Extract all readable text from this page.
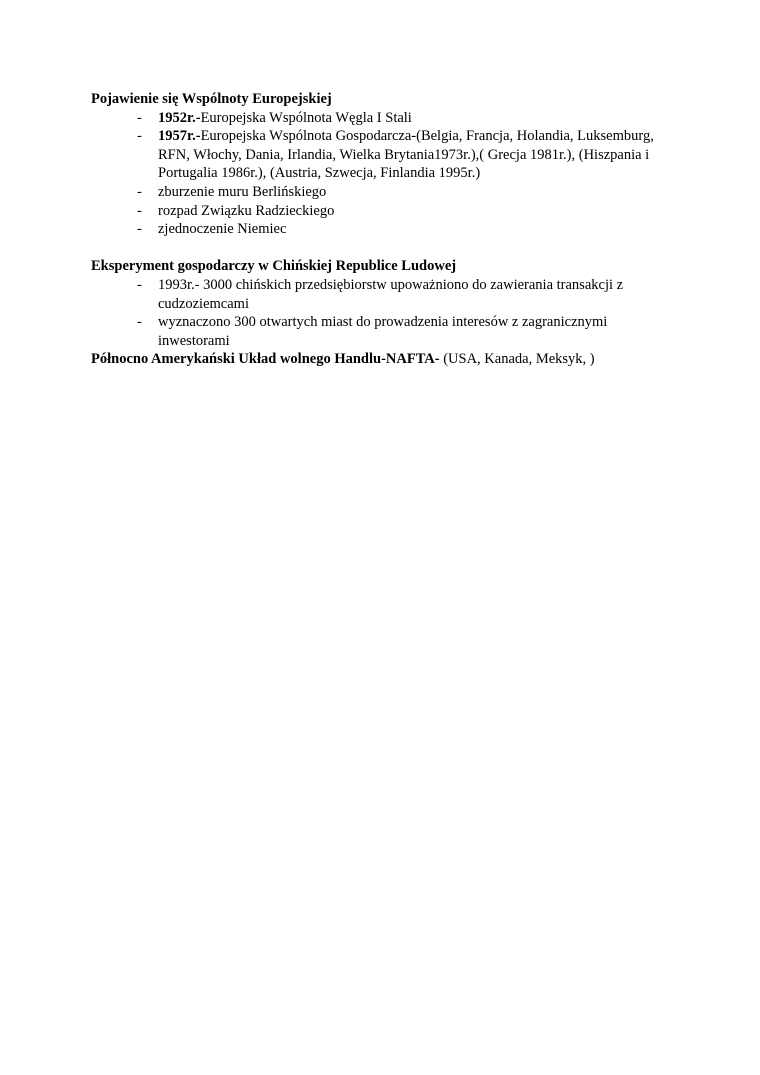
Pojawienie się Wspólnoty Europejskiej

- 1952r.-Europejska Wspólnota Węgla I Stali
- 1957r.-Europejska Wspólnota Gospodarcza-(Belgia, Francja, Holandia, Luksemburg, RFN, Włochy, Dania, Irlandia, Wielka Brytania1973r.),( Grecja 1981r.), (Hiszpania i Portugalia 1986r.), (Austria, Szwecja, Finlandia 1995r.)
- zburzenie muru Berlińskiego
- rozpad Związku Radzieckiego
- zjednoczenie Niemiec

Eksperyment gospodarczy w Chińskiej Republice Ludowej

- 1993r.- 3000 chińskich przedsiębiorstw upoważniono do zawierania transakcji z cudzoziemcami
- wyznaczono 300 otwartych miast do prowadzenia interesów z zagranicznymi inwestorami

Północno Amerykański Układ wolnego Handlu-NAFTA- (USA, Kanada, Meksyk, )
